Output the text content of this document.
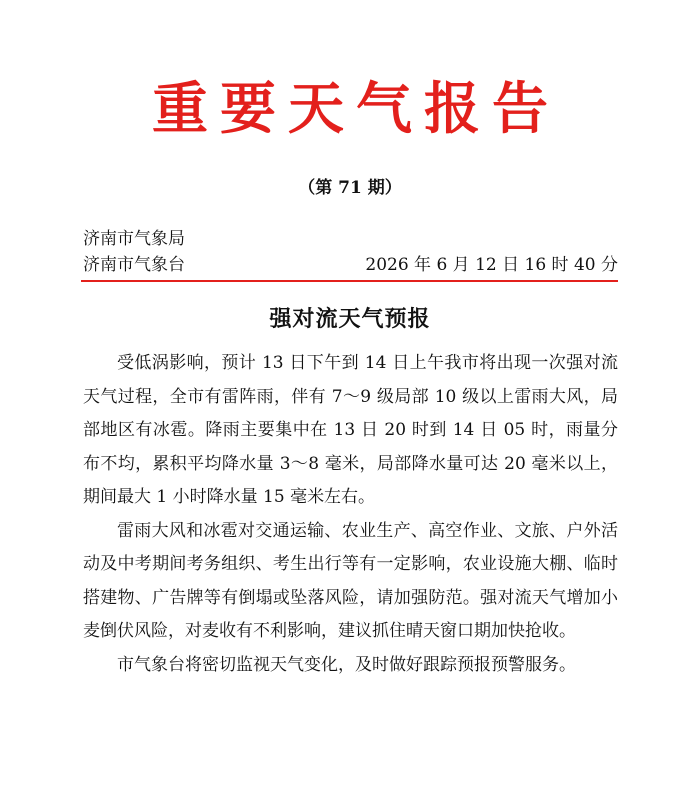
重要天气报告
（第 71 期）
济南市气象局
济南市气象台	2026 年 6 月 12 日 16 时 40 分
强对流天气预报

受低涡影响，预计 13 日下午到 14 日上午我市将出现一次强对流天气过程，全市有雷阵雨，伴有 7～9 级局部 10 级以上雷雨大风，局部地区有冰雹。降雨主要集中在 13 日 20 时到 14 日 05 时，雨量分布不均，累积平均降水量 3～8 毫米，局部降水量可达 20 毫米以上，期间最大 1 小时降水量 15 毫米左右。

雷雨大风和冰雹对交通运输、农业生产、高空作业、文旅、户外活动及中考期间考务组织、考生出行等有一定影响，农业设施大棚、临时搭建物、广告牌等有倒塌或坠落风险，请加强防范。强对流天气增加小麦倒伏风险，对麦收有不利影响，建议抓住晴天窗口期加快抢收。

市气象台将密切监视天气变化，及时做好跟踪预报预警服务。
